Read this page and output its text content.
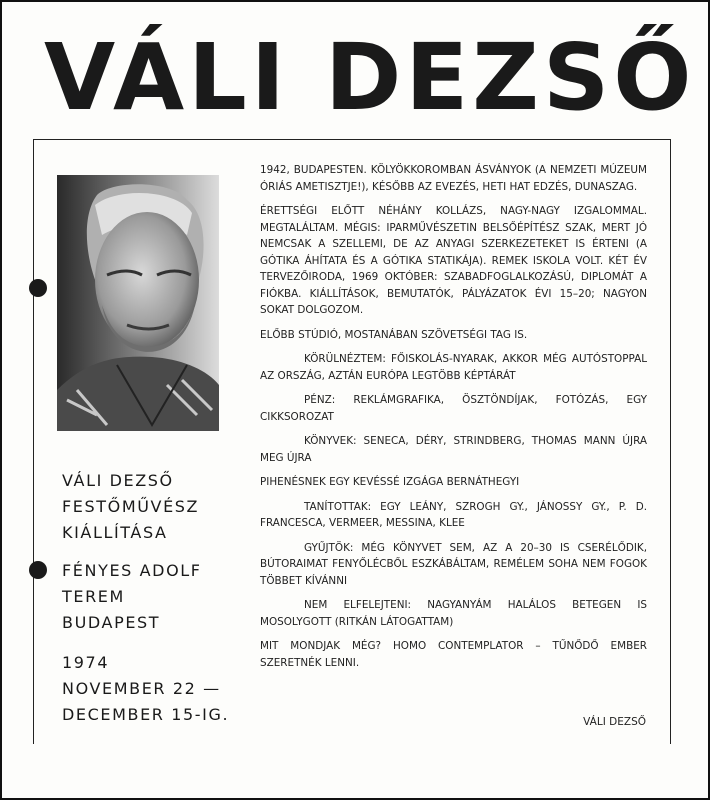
VÁLI DEZSŐ
VÁLI DEZSŐ
FESTŐMŰVÉSZ
KIÁLLÍTÁSA
FÉNYES ADOLF
TEREM
BUDAPEST
1974
NOVEMBER 22 —
DECEMBER 15-IG.

1942, BUDAPESTEN. KÖLYÖKKOROMBAN ÁSVÁNYOK (A NEMZETI MÚZEUM ÓRIÁS AMETISZTJE!), KÉSŐBB AZ EVEZÉS, HETI HAT EDZÉS, DUNASZAG.

ÉRETTSÉGI ELŐTT NÉHÁNY KOLLÁZS, NAGY-NAGY IZGALOMMAL. MEGTALÁLTAM. MÉGIS: IPARMŰVÉSZETIN BELSŐÉPÍTÉSZ SZAK, MERT JÓ NEMCSAK A SZELLEMI, DE AZ ANYAGI SZERKEZETEKET IS ÉRTENI (A GÓTIKA ÁHÍTATA ÉS A GÓTIKA STATIKÁJA). REMEK ISKOLA VOLT. KÉT ÉV TERVEZŐIRODA, 1969 OKTÓBER: SZABADFOGLALKOZÁSÚ, DIPLOMÁT A FIÓKBA. KIÁLLÍTÁSOK, BEMUTATÓK, PÁLYÁZATOK ÉVI 15–20; NAGYON SOKAT DOLGOZOM.

ELŐBB STÚDIÓ, MOSTANÁBAN SZÖVETSÉGI TAG IS.

KÖRÜLNÉZTEM: FŐISKOLÁS-NYARAK, AKKOR MÉG AUTÓSTOPPAL AZ ORSZÁG, AZTÁN EURÓPA LEGTÖBB KÉPTÁRÁT

PÉNZ: REKLÁMGRAFIKA, ÖSZTÖNDÍJAK, FOTÓZÁS, EGY CIKKSOROZAT

KÖNYVEK: SENECA, DÉRY, STRINDBERG, THOMAS MANN ÚJRA MEG ÚJRA

PIHENÉSNEK EGY KEVÉSSÉ IZGÁGA BERNÁTHEGYI

TANÍTOTTAK: EGY LEÁNY, SZROGH GY., JÁNOSSY GY., P. D. FRANCESCA, VERMEER, MESSINA, KLEE

GYŰJTÖK: MÉG KÖNYVET SEM, AZ A 20–30 IS CSERÉLŐDIK, BÚTORAIMAT FENYŐLÉCBŐL ESZKÁBÁLTAM, REMÉLEM SOHA NEM FOGOK TÖBBET KÍVÁNNI

NEM ELFELEJTENI: NAGYANYÁM HALÁLOS BETEGEN IS MOSOLYGOTT (RITKÁN LÁTOGATTAM)

MIT MONDJAK MÉG? HOMO CONTEMPLATOR – TŰNŐDŐ EMBER SZERETNÉK LENNI.

VÁLI DEZSŐ
